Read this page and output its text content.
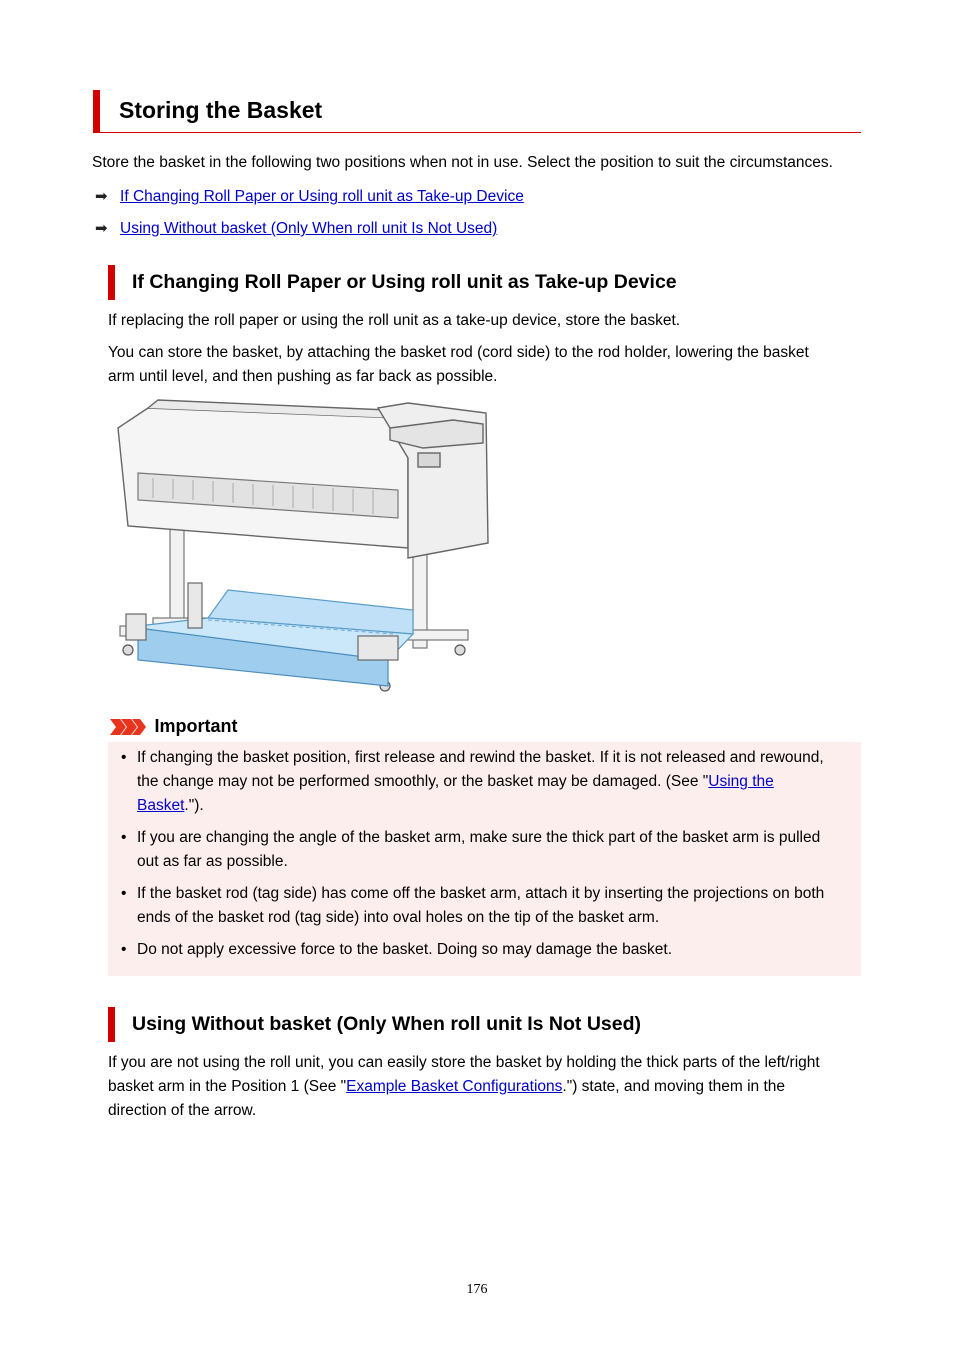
Storing the Basket
Store the basket in the following two positions when not in use. Select the position to suit the circumstances.
➡ If Changing Roll Paper or Using roll unit as Take-up Device
➡ Using Without basket (Only When roll unit Is Not Used)
If Changing Roll Paper or Using roll unit as Take-up Device
If replacing the roll paper or using the roll unit as a take-up device, store the basket.
You can store the basket, by attaching the basket rod (cord side) to the rod holder, lowering the basket
arm until level, and then pushing as far back as possible.
Important
• If changing the basket position, first release and rewind the basket. If it is not released and rewound,
the change may not be performed smoothly, or the basket may be damaged. (See "Using the
Basket.").
• If you are changing the angle of the basket arm, make sure the thick part of the basket arm is pulled
out as far as possible.
• If the basket rod (tag side) has come off the basket arm, attach it by inserting the projections on both
ends of the basket rod (tag side) into oval holes on the tip of the basket arm.
• Do not apply excessive force to the basket. Doing so may damage the basket.
Using Without basket (Only When roll unit Is Not Used)
If you are not using the roll unit, you can easily store the basket by holding the thick parts of the left/right
basket arm in the Position 1 (See "Example Basket Configurations.") state, and moving them in the
direction of the arrow.
176
